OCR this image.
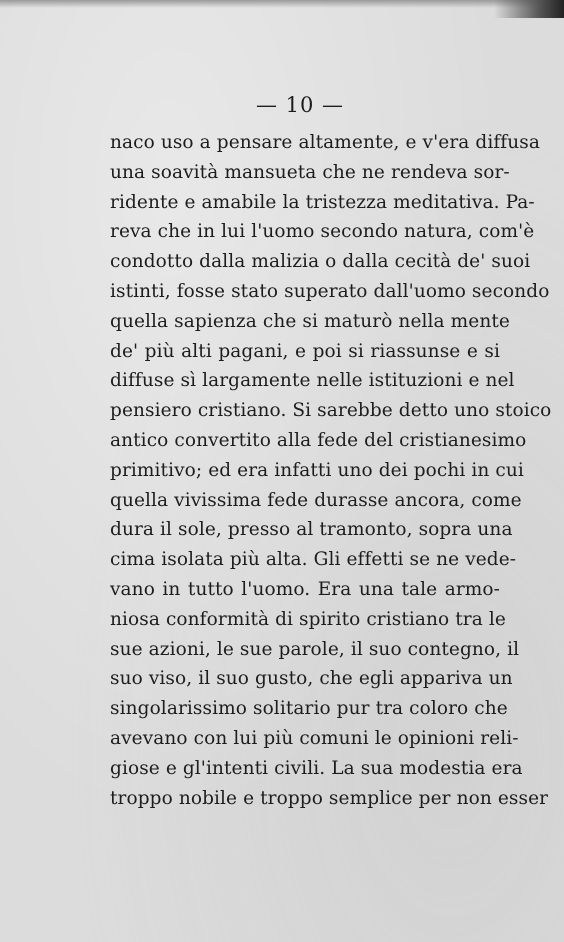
— 10 —
naco uso a pensare altamente, e v'era diffusa
una soavità mansueta che ne rendeva sor-
ridente e amabile la tristezza meditativa. Pa-
reva che in lui l'uomo secondo natura, com'è
condotto dalla malizia o dalla cecità de' suoi
istinti, fosse stato superato dall'uomo secondo
quella sapienza che si maturò nella mente
de' più alti pagani, e poi si riassunse e si
diffuse sì largamente nelle istituzioni e nel
pensiero cristiano. Si sarebbe detto uno stoico
antico convertito alla fede del cristianesimo
primitivo; ed era infatti uno dei pochi in cui
quella vivissima fede durasse ancora, come
dura il sole, presso al tramonto, sopra una
cima isolata più alta. Gli effetti se ne vede-
vano in tutto l'uomo. Era una tale armo-
niosa conformità di spirito cristiano tra le
sue azioni, le sue parole, il suo contegno, il
suo viso, il suo gusto, che egli appariva un
singolarissimo solitario pur tra coloro che
avevano con lui più comuni le opinioni reli-
giose e gl'intenti civili. La sua modestia era
troppo nobile e troppo semplice per non esser
